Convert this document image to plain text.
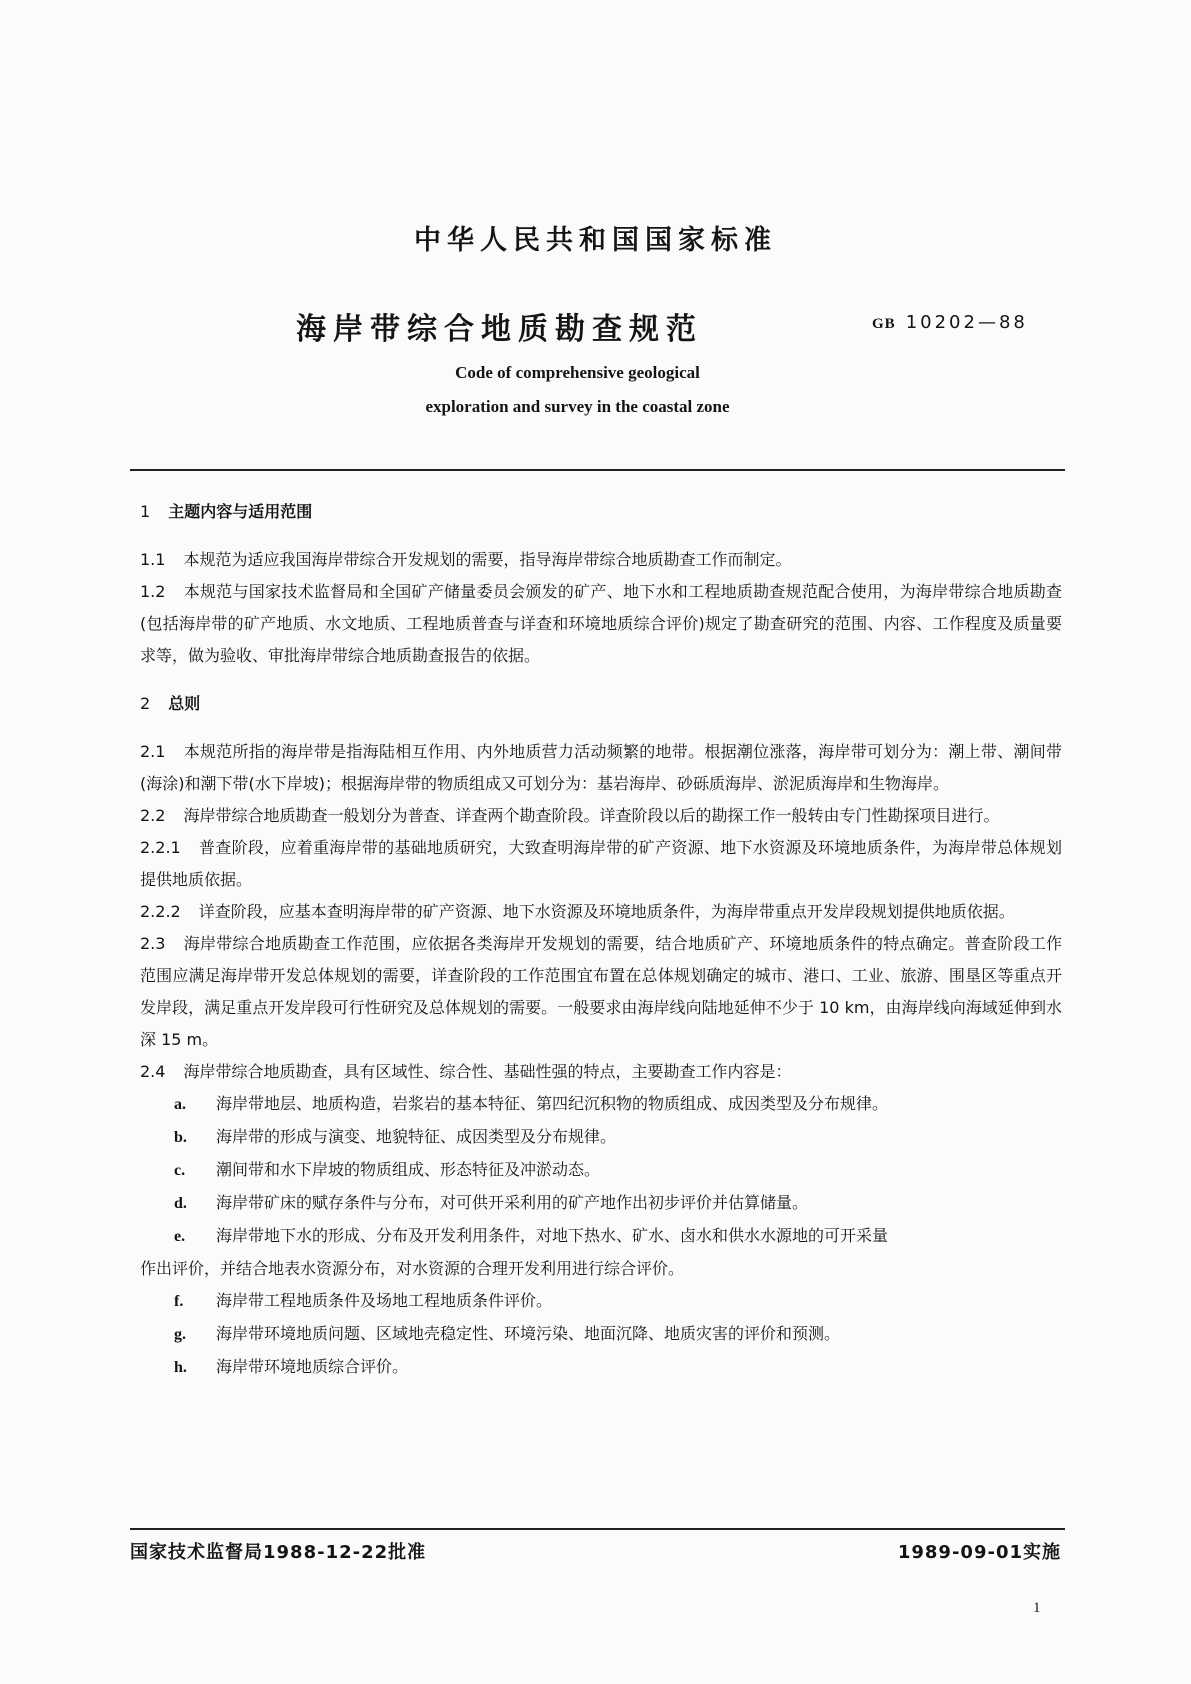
中华人民共和国国家标准
海岸带综合地质勘查规范	GB 10202—88
Code of comprehensive geological
exploration and survey in the coastal zone
1 主题内容与适用范围

1.1 本规范为适应我国海岸带综合开发规划的需要，指导海岸带综合地质勘查工作而制定。

1.2 本规范与国家技术监督局和全国矿产储量委员会颁发的矿产、地下水和工程地质勘查规范配合使用，为海岸带综合地质勘查(包括海岸带的矿产地质、水文地质、工程地质普查与详查和环境地质综合评价)规定了勘查研究的范围、内容、工作程度及质量要求等，做为验收、审批海岸带综合地质勘查报告的依据。

2 总则

2.1 本规范所指的海岸带是指海陆相互作用、内外地质营力活动频繁的地带。根据潮位涨落，海岸带可划分为：潮上带、潮间带(海涂)和潮下带(水下岸坡)；根据海岸带的物质组成又可划分为：基岩海岸、砂砾质海岸、淤泥质海岸和生物海岸。

2.2 海岸带综合地质勘查一般划分为普查、详查两个勘查阶段。详查阶段以后的勘探工作一般转由专门性勘探项目进行。

2.2.1 普查阶段，应着重海岸带的基础地质研究，大致查明海岸带的矿产资源、地下水资源及环境地质条件，为海岸带总体规划提供地质依据。

2.2.2 详查阶段，应基本查明海岸带的矿产资源、地下水资源及环境地质条件，为海岸带重点开发岸段规划提供地质依据。

2.3 海岸带综合地质勘查工作范围，应依据各类海岸开发规划的需要，结合地质矿产、环境地质条件的特点确定。普查阶段工作范围应满足海岸带开发总体规划的需要，详查阶段的工作范围宜布置在总体规划确定的城市、港口、工业、旅游、围垦区等重点开发岸段，满足重点开发岸段可行性研究及总体规划的需要。一般要求由海岸线向陆地延伸不少于 10 km，由海岸线向海域延伸到水深 15 m。

2.4 海岸带综合地质勘查，具有区域性、综合性、基础性强的特点，主要勘查工作内容是：

a. 海岸带地层、地质构造，岩浆岩的基本特征、第四纪沉积物的物质组成、成因类型及分布规律。

b. 海岸带的形成与演变、地貌特征、成因类型及分布规律。

c. 潮间带和水下岸坡的物质组成、形态特征及冲淤动态。

d. 海岸带矿床的赋存条件与分布，对可供开采利用的矿产地作出初步评价并估算储量。

e. 海岸带地下水的形成、分布及开发利用条件，对地下热水、矿水、卤水和供水水源地的可开采量

作出评价，并结合地表水资源分布，对水资源的合理开发利用进行综合评价。

f. 海岸带工程地质条件及场地工程地质条件评价。

g. 海岸带环境地质问题、区域地壳稳定性、环境污染、地面沉降、地质灾害的评价和预测。

h. 海岸带环境地质综合评价。

国家技术监督局1988-12-22批准	1989-09-01实施
1
